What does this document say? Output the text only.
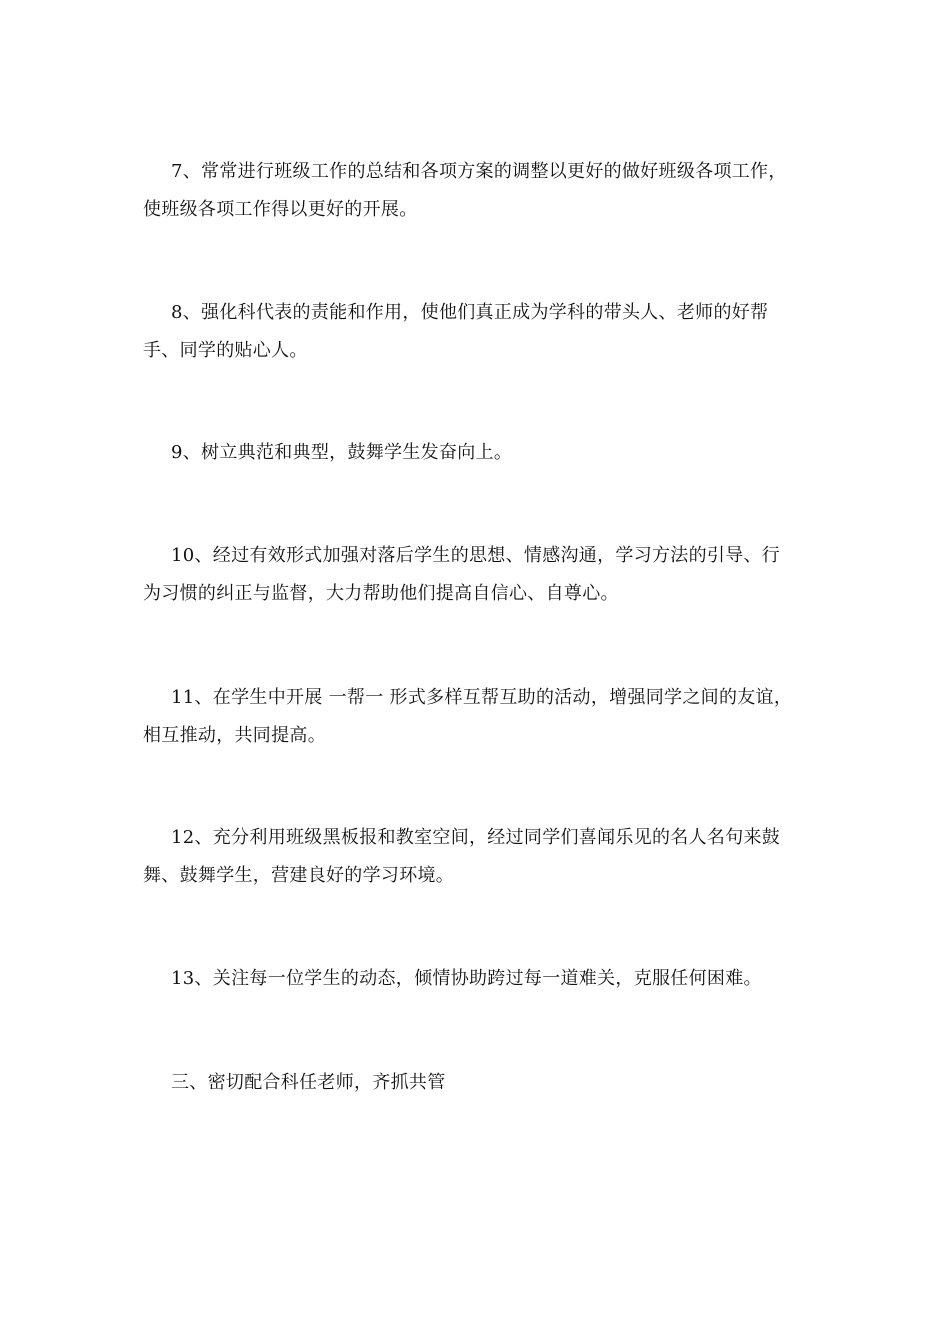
7、常常进行班级工作的总结和各项方案的调整以更好的做好班级各项工作，
使班级各项工作得以更好的开展。
8、强化科代表的责能和作用，使他们真正成为学科的带头人、老师的好帮
手、同学的贴心人。
9、树立典范和典型，鼓舞学生发奋向上。
10、经过有效形式加强对落后学生的思想、情感沟通，学习方法的引导、行
为习惯的纠正与监督，大力帮助他们提高自信心、自尊心。
11、在学生中开展 一帮一 形式多样互帮互助的活动，增强同学之间的友谊，
相互推动，共同提高。
12、充分利用班级黑板报和教室空间，经过同学们喜闻乐见的名人名句来鼓
舞、鼓舞学生，营建良好的学习环境。
13、关注每一位学生的动态，倾情协助跨过每一道难关，克服任何困难。
三、密切配合科任老师，齐抓共管
